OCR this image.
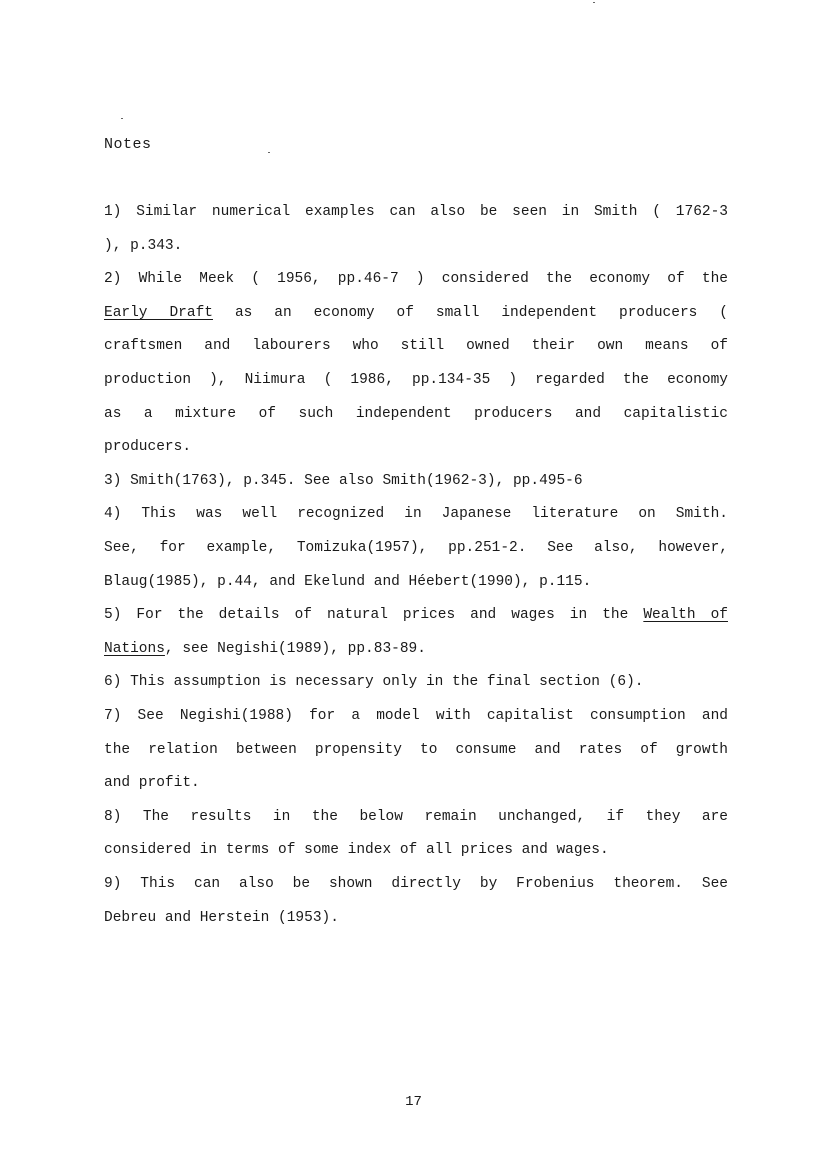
Notes
1) Similar numerical examples can also be seen in Smith ( 1762-3
), p.343.
2) While Meek ( 1956, pp.46-7 ) considered the economy of the
Early Draft as an economy of small independent producers (
craftsmen and labourers who still owned their own means of
production ), Niimura ( 1986, pp.134-35 ) regarded the economy
as a mixture of such independent producers and capitalistic
producers.
3) Smith(1763), p.345. See also Smith(1962-3), pp.495-6
4) This was well recognized in Japanese literature on Smith.
See, for example, Tomizuka(1957), pp.251-2. See also, however,
Blaug(1985), p.44, and Ekelund and Héebert(1990), p.115.
5) For the details of natural prices and wages in the Wealth of
Nations, see Negishi(1989), pp.83-89.
6) This assumption is necessary only in the final section (6).
7) See Negishi(1988) for a model with capitalist consumption and
the relation between propensity to consume and rates of growth
and profit.
8) The results in the below remain unchanged, if they are
considered in terms of some index of all prices and wages.
9) This can also be shown directly by Frobenius theorem. See
Debreu and Herstein (1953).
17
